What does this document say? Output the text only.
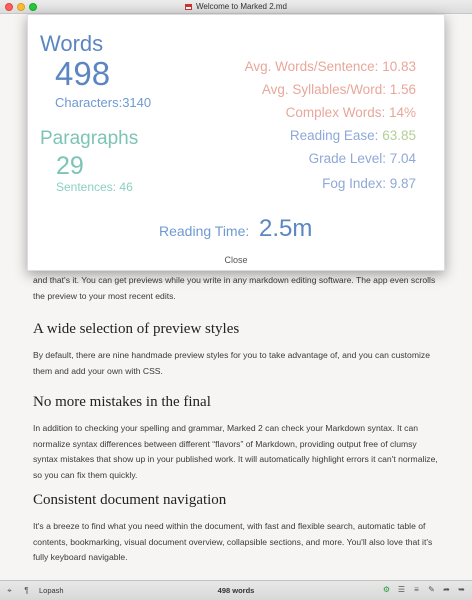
Welcome to Marked 2.md

and that's it. You can get previews while you write in any markdown editing software. The app even scrolls the preview to your most recent edits.

A wide selection of preview styles

By default, there are nine handmade preview styles for you to take advantage of, and you can customize them and add your own with CSS.

No more mistakes in the final

In addition to checking your spelling and grammar, Marked 2 can check your Markdown syntax. It can normalize syntax differences between different “flavors” of Markdown, providing output free of clumsy syntax mistakes that show up in your published work. It will automatically highlight errors it can't normalize, so you can fix them quickly.

Consistent document navigation

It's a breeze to find what you need within the document, with fast and flexible search, automatic table of contents, bookmarking, visual document overview, collapsible sections, and more. You'll also love that it's fully keyboard navigable.

Words
498
Characters:3140
Paragraphs
29
Sentences: 46
Avg. Words/Sentence: 10.83
Avg. Syllables/Word: 1.56
Complex Words: 14%
Reading Ease: 63.85
Grade Level: 7.04
Fog Index: 9.87
Reading Time: 2.5m
Close
⌖ ¶	Lopash	498 words	⚙ ☰ ≡ ✎ ➦ ➥
